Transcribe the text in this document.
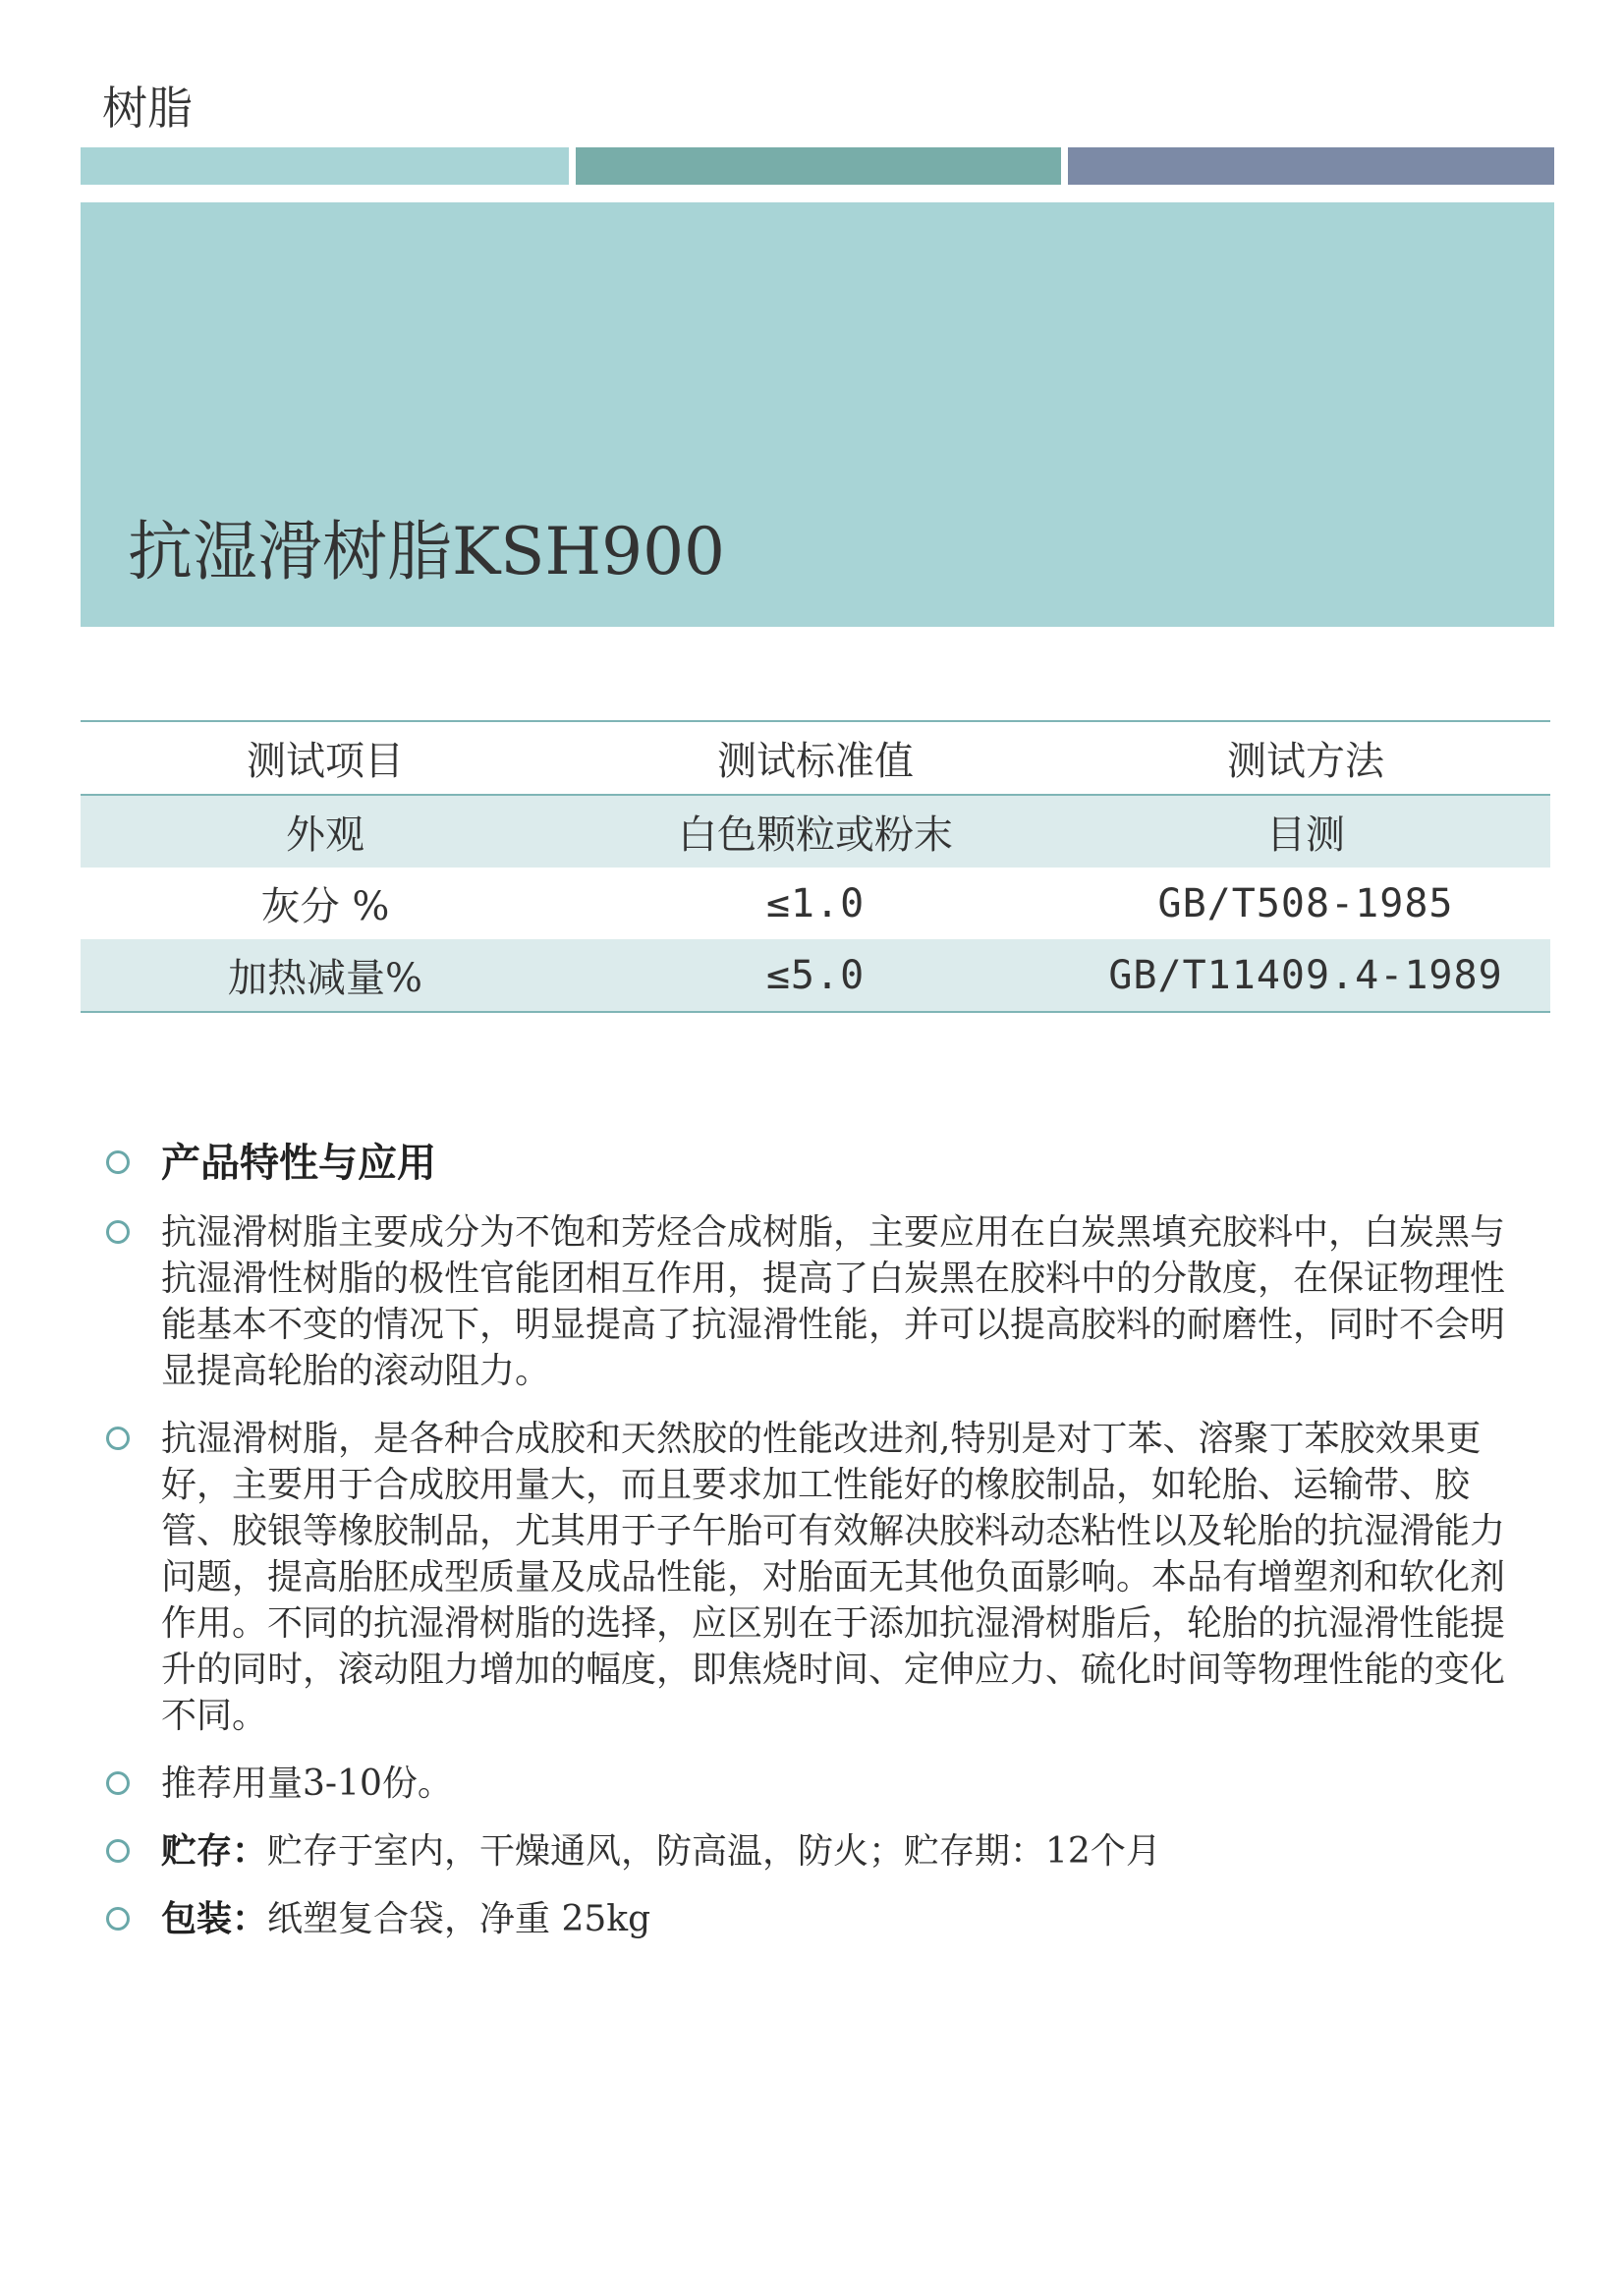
树脂
抗湿滑树脂KSH900
测试项目	测试标准值	测试方法
外观	白色颗粒或粉末	目测
灰分 %	≤1.0	GB/T508-1985
加热减量%	≤5.0	GB/T11409.4-1989
产品特性与应用
抗湿滑树脂主要成分为不饱和芳烃合成树脂，主要应用在白炭黑填充胶料中，白炭黑与抗湿滑性树脂的极性官能团相互作用，提高了白炭黑在胶料中的分散度，在保证物理性能基本不变的情况下，明显提高了抗湿滑性能，并可以提高胶料的耐磨性，同时不会明显提高轮胎的滚动阻力。
抗湿滑树脂，是各种合成胶和天然胶的性能改进剂,特别是对丁苯、溶聚丁苯胶效果更好，主要用于合成胶用量大，而且要求加工性能好的橡胶制品，如轮胎、运输带、胶管、胶银等橡胶制品，尤其用于子午胎可有效解决胶料动态粘性以及轮胎的抗湿滑能力问题，提高胎胚成型质量及成品性能，对胎面无其他负面影响。本品有增塑剂和软化剂作用。不同的抗湿滑树脂的选择，应区别在于添加抗湿滑树脂后，轮胎的抗湿滑性能提升的同时，滚动阻力增加的幅度，即焦烧时间、定伸应力、硫化时间等物理性能的变化不同。
推荐用量3-10份。
贮存：贮存于室内，干燥通风，防高温，防火；贮存期：12个月
包装：纸塑复合袋，净重 25kg
